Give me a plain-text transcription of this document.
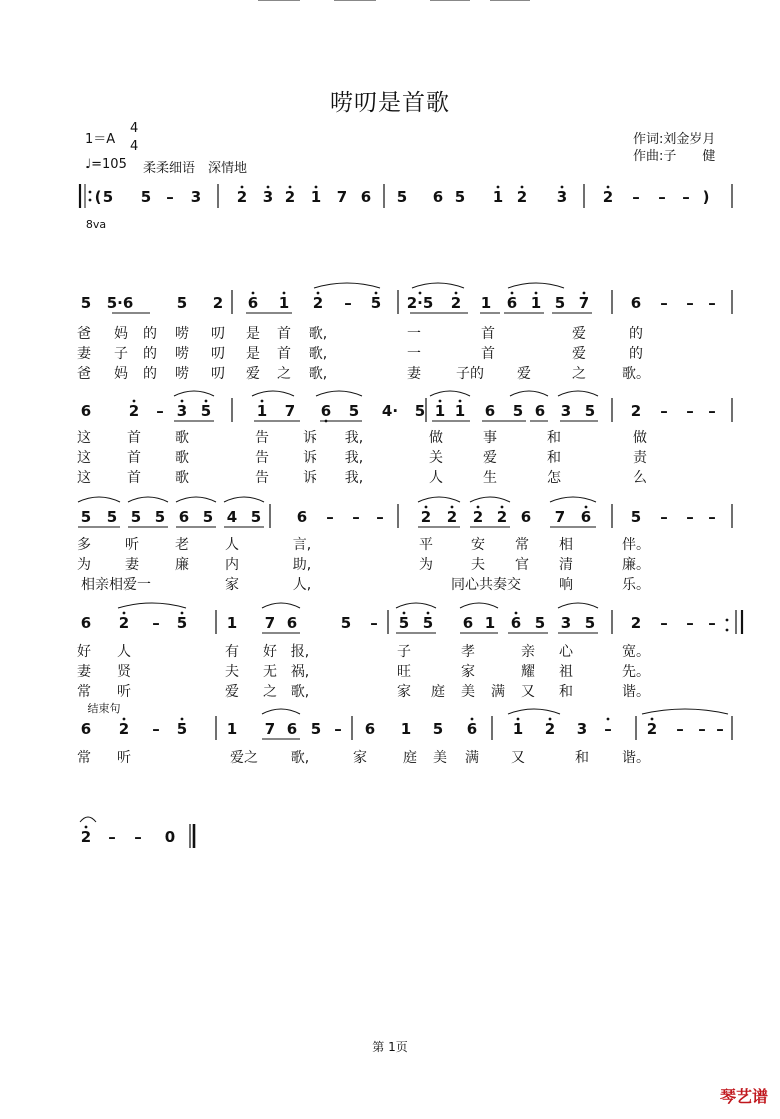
唠叨是首歌
1＝A
4
4
♩=105 柔柔细语　深情地
作词:刘金岁月
作曲:子　　健
( 5 5 – 3 2 3 2 1 7 6 5 6 5 1 2 3 2 – – – )
8va
5 5·6	5 2 6 1 2 – 5 2·5 2 1 6 1 5 7	6 – – –
爸 妈 的 唠 叨 是 首 歌,	一	首	爱	的
妻 子 的 唠 叨 是 首 歌,	一	首	爱	的
爸 妈 的 唠 叨 爱 之 歌,	妻	子的 爱	之	歌。
6	2 – 3 5	1 7 6 5 4· 5 1 1 6 5 6 3 5 2 – – –
这	首 歌	告 诉 我,	做	事	和	做
这	首 歌	告 诉 我,	关	爱	和	责
这	首 歌	告 诉 我,	人	生	怎	么
5 5 5 5 6 5 4 5 6 – – – 2 2 2 2 6 7 6	5 – – –
多 听	老	人	言,	平	安 常 相	伴。
为 妻	廉	内	助,	为	夫 官 清	廉。
相亲相爱一	家	人,	同心共奏交	响	乐。
6 2 – 5	1 7 6	5 – 5 5 6 1 6 5 3 5 2 – – –
好 人	有 好 报,	子	孝	亲 心	宽。
妻 贤	夫 无 祸,	旺	家	耀 祖	先。
常 听	爱 之 歌,	家 庭 美 满 又 和	谐。
结束句
6 2 – 5	1 7 6 5 – 6 1 5 6 1 2 3 – 2 – – –
常 听	爱之 歌,	家	庭 美 满 又	和 谐。
2 – – 0
第 1页
琴艺谱
